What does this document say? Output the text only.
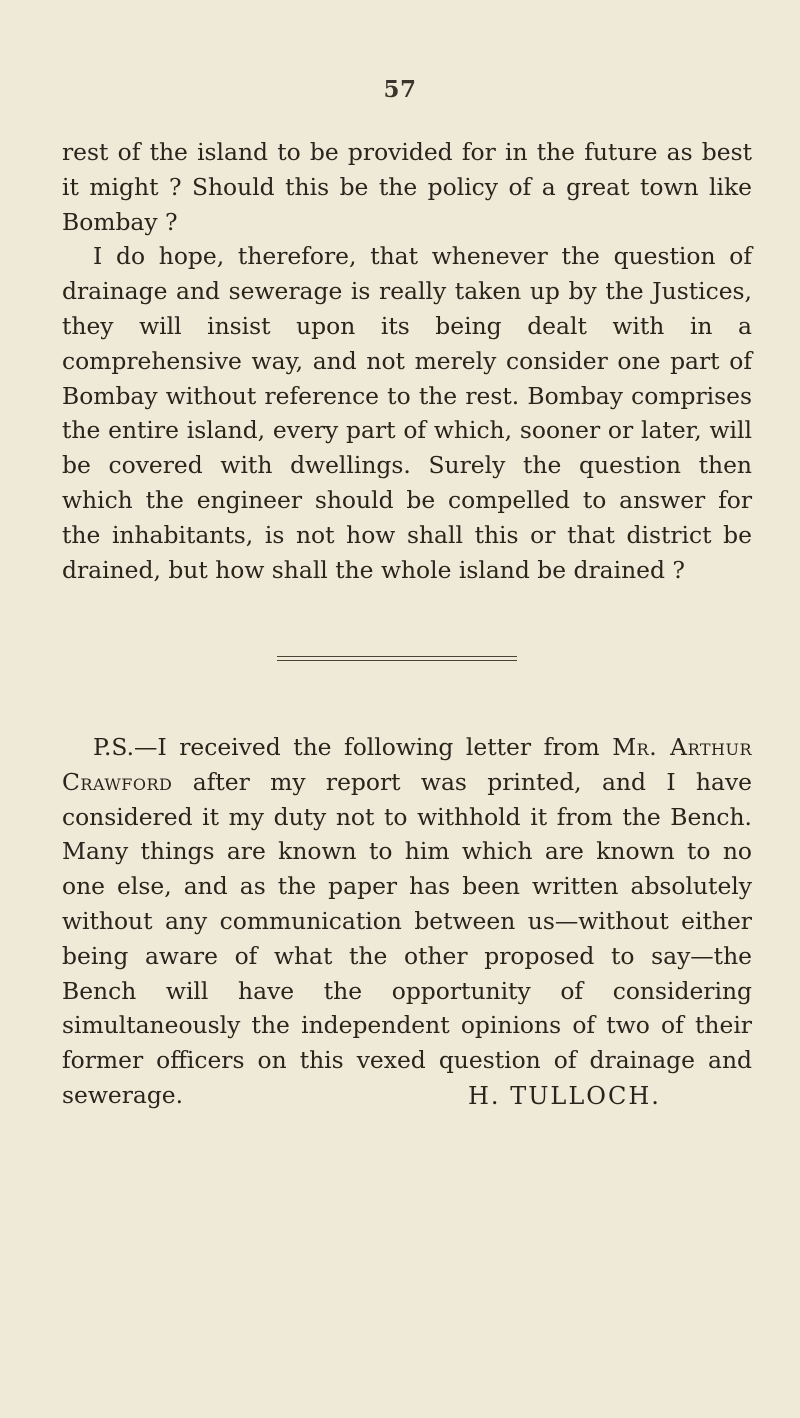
57

rest of the island to be provided for in the future as best it might ? Should this be the policy of a great town like Bombay ?

I do hope, therefore, that whenever the question of drainage and sewerage is really taken up by the Justices, they will insist upon its being dealt with in a comprehensive way, and not merely consider one part of Bombay without reference to the rest. Bombay comprises the entire island, every part of which, sooner or later, will be covered with dwellings. Surely the question then which the engineer should be compelled to answer for the inhabitants, is not how shall this or that district be drained, but how shall the whole island be drained ?

P.S.—I received the following letter from Mr. Arthur Crawford after my report was printed, and I have considered it my duty not to withhold it from the Bench. Many things are known to him which are known to no one else, and as the paper has been written absolutely without any communication between us—without either being aware of what the other proposed to say—the Bench will have the opportunity of considering simultaneously the independent opinions of two of their former officers on this vexed question of drainage and sewerage.	H. TULLOCH.
